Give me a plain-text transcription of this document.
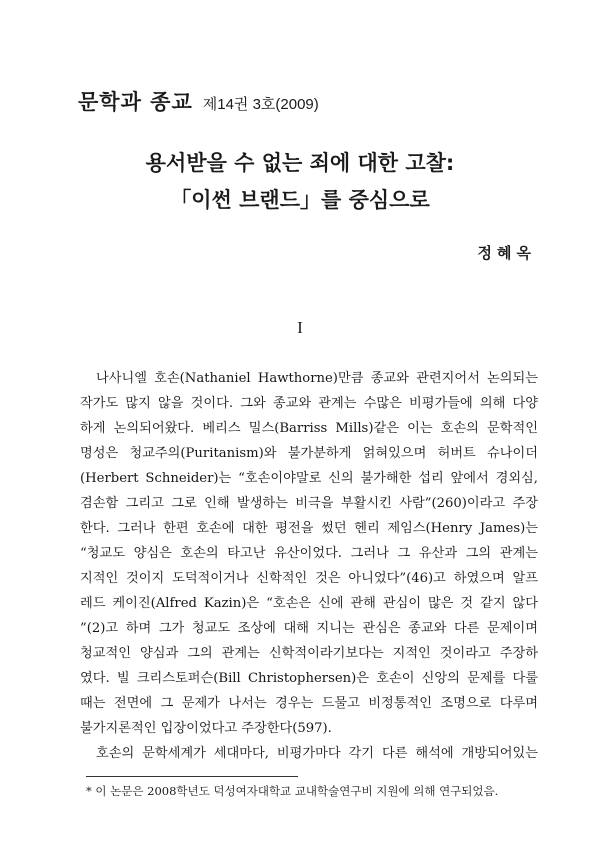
문학과 종교 제14권 3호(2009)
용서받을 수 없는 죄에 대한 고찰:
「이썬 브랜드」를 중심으로
정혜옥
I
나사니엘 호손(Nathaniel Hawthorne)만큼 종교와 관련지어서 논의되는
작가도 많지 않을 것이다. 그와 종교와 관계는 수많은 비평가들에 의해 다양
하게 논의되어왔다. 베리스 밀스(Barriss Mills)같은 이는 호손의 문학적인
명성은 청교주의(Puritanism)와 불가분하게 얽혀있으며 허버트 슈나이더
(Herbert Schneider)는 “호손이야말로 신의 불가해한 섭리 앞에서 경외심,
겸손함 그리고 그로 인해 발생하는 비극을 부활시킨 사람”(260)이라고 주장
한다. 그러나 한편 호손에 대한 평전을 썼던 헨리 제임스(Henry James)는
“청교도 양심은 호손의 타고난 유산이었다. 그러나 그 유산과 그의 관계는
지적인 것이지 도덕적이거나 신학적인 것은 아니었다”(46)고 하였으며 알프
레드 케이진(Alfred Kazin)은 “호손은 신에 관해 관심이 많은 것 같지 않다
”(2)고 하며 그가 청교도 조상에 대해 지니는 관심은 종교와 다른 문제이며
청교적인 양심과 그의 관계는 신학적이라기보다는 지적인 것이라고 주장하
였다. 빌 크리스토퍼슨(Bill Christophersen)은 호손이 신앙의 문제를 다룰
때는 전면에 그 문제가 나서는 경우는 드물고 비정통적인 조명으로 다루며
불가지론적인 입장이었다고 주장한다(597).
호손의 문학세계가 세대마다, 비평가마다 각기 다른 해석에 개방되어있는
* 이 논문은 2008학년도 덕성여자대학교 교내학술연구비 지원에 의해 연구되었음.
